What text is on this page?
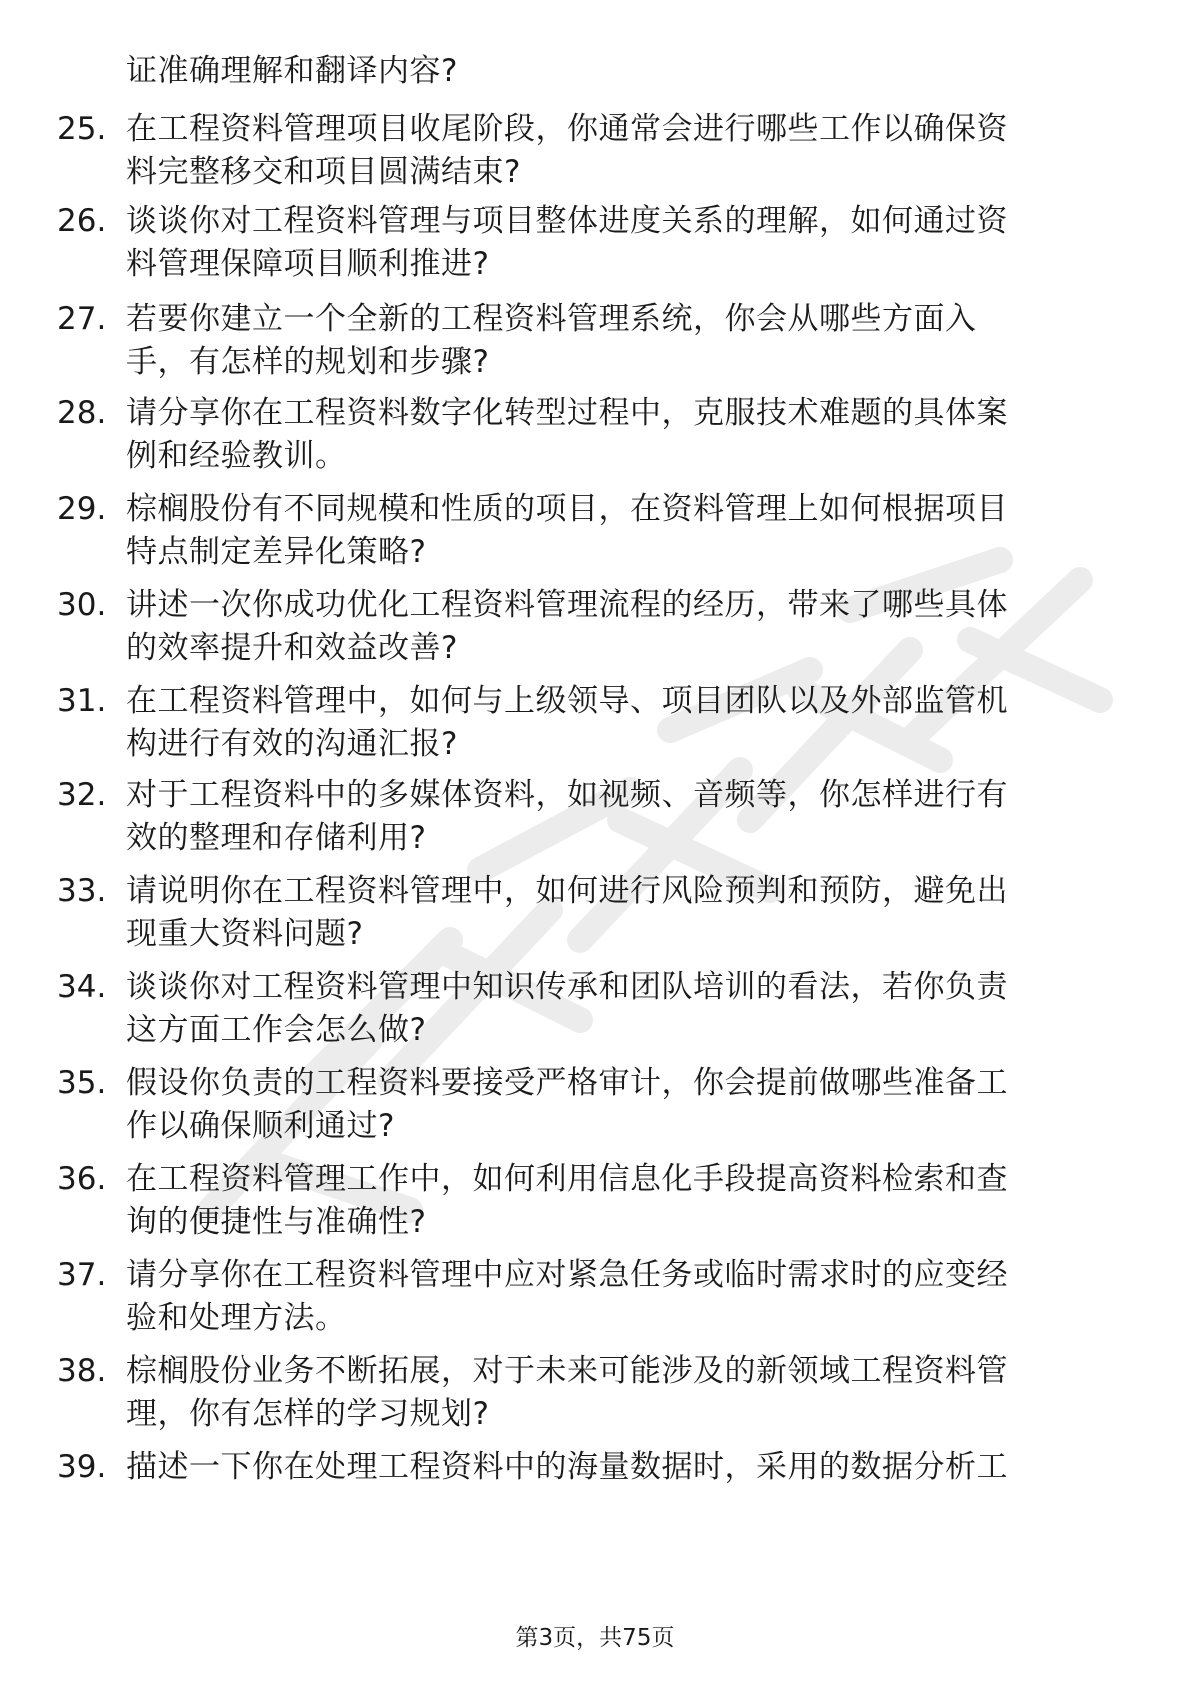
证准确理解和翻译内容?
25. 在工程资料管理项目收尾阶段，你通常会进行哪些工作以确保资
料完整移交和项目圆满结束?
26. 谈谈你对工程资料管理与项目整体进度关系的理解，如何通过资
料管理保障项目顺利推进?
27. 若要你建立一个全新的工程资料管理系统，你会从哪些方面入
手，有怎样的规划和步骤?
28. 请分享你在工程资料数字化转型过程中，克服技术难题的具体案
例和经验教训。
29. 棕榈股份有不同规模和性质的项目，在资料管理上如何根据项目
特点制定差异化策略?
30. 讲述一次你成功优化工程资料管理流程的经历，带来了哪些具体
的效率提升和效益改善?
31. 在工程资料管理中，如何与上级领导、项目团队以及外部监管机
构进行有效的沟通汇报?
32. 对于工程资料中的多媒体资料，如视频、音频等，你怎样进行有
效的整理和存储利用?
33. 请说明你在工程资料管理中，如何进行风险预判和预防，避免出
现重大资料问题?
34. 谈谈你对工程资料管理中知识传承和团队培训的看法，若你负责
这方面工作会怎么做?
35. 假设你负责的工程资料要接受严格审计，你会提前做哪些准备工
作以确保顺利通过?
36. 在工程资料管理工作中，如何利用信息化手段提高资料检索和查
询的便捷性与准确性?
37. 请分享你在工程资料管理中应对紧急任务或临时需求时的应变经
验和处理方法。
38. 棕榈股份业务不断拓展，对于未来可能涉及的新领域工程资料管
理，你有怎样的学习规划?
39. 描述一下你在处理工程资料中的海量数据时，采用的数据分析工
第3页，共75页
